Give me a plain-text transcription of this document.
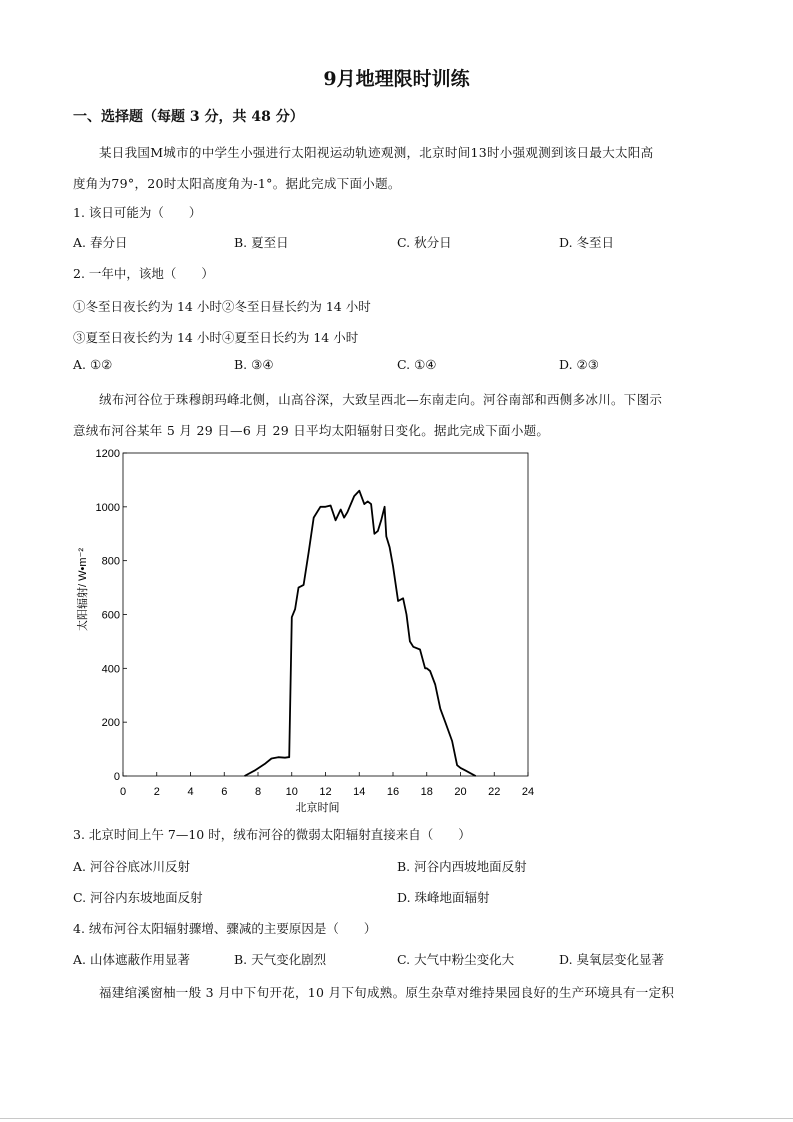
9月地理限时训练
一、选择题（每题 3 分，共 48 分）
某日我国M城市的中学生小强进行太阳视运动轨迹观测，北京时间13时小强观测到该日最大太阳高
度角为79°，20时太阳高度角为-1°。据此完成下面小题。
1. 该日可能为（　　）
A. 春分日	B. 夏至日	C. 秋分日	D. 冬至日
2. 一年中，该地（　　）
①冬至日夜长约为 14 小时②冬至日昼长约为 14 小时
③夏至日夜长约为 14 小时④夏至日长约为 14 小时
A. ①②	B. ③④	C. ①④	D. ②③
绒布河谷位于珠穆朗玛峰北侧，山高谷深，大致呈西北—东南走向。河谷南部和西侧多冰川。下图示
意绒布河谷某年 5 月 29 日—6 月 29 日平均太阳辐射日变化。据此完成下面小题。
0	2	4	6	8 10 12 14 16 18 20 22 24
0
200
400
600
800
1000
1200
北京时间
太阳辐射/ W•m⁻²
3. 北京时间上午 7—10 时，绒布河谷的微弱太阳辐射直接来自（　　）
A. 河谷谷底冰川反射	B. 河谷内西坡地面反射
C. 河谷内东坡地面反射	D. 珠峰地面辐射
4. 绒布河谷太阳辐射骤增、骤减的主要原因是（　　）
A. 山体遮蔽作用显著	B. 天气变化剧烈	C. 大气中粉尘变化大	D. 臭氧层变化显著
福建绾溪窗柚一般 3 月中下旬开花，10 月下旬成熟。原生杂草对维持果园良好的生产环境具有一定积
